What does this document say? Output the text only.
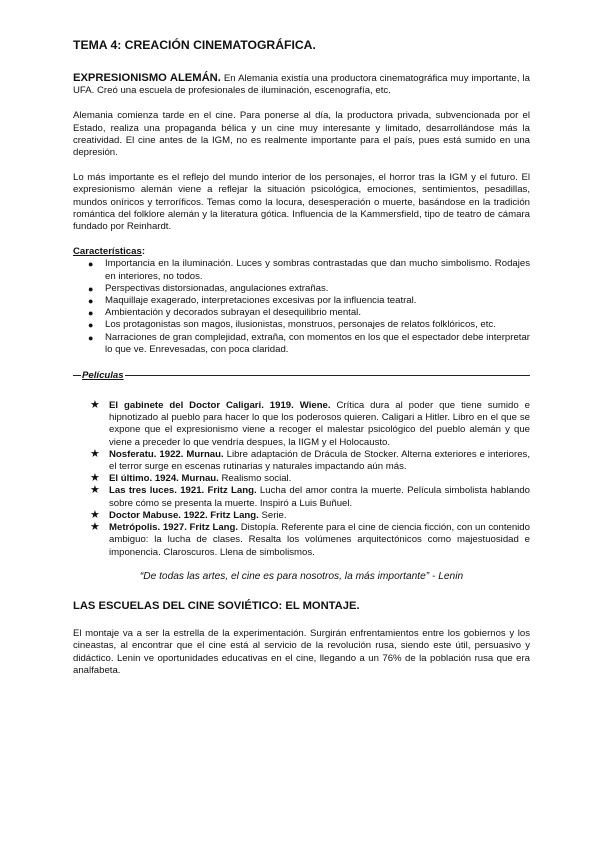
TEMA 4: CREACIÓN CINEMATOGRÁFICA.

EXPRESIONISMO ALEMÁN. En Alemania existía una productora cinematográfica muy importante, la UFA. Creó una escuela de profesionales de iluminación, escenografía, etc.

Alemania comienza tarde en el cine. Para ponerse al día, la productora privada, subvencionada por el Estado, realiza una propaganda bélica y un cine muy interesante y limitado, desarrollándose más la creatividad. El cine antes de la IGM, no es realmente importante para el país, pues está sumido en una depresión.

Lo más importante es el reflejo del mundo interior de los personajes, el horror tras la IGM y el futuro. El expresionismo alemán viene a reflejar la situación psicológica, emociones, sentimientos, pesadillas, mundos oníricos y terroríficos. Temas como la locura, desesperación o muerte, basándose en la tradición romántica del folklore alemán y la literatura gótica. Influencia de la Kammersfield, tipo de teatro de cámara fundado por Reinhardt.

Características:

● Importancia en la iluminación. Luces y sombras contrastadas que dan mucho simbolismo. Rodajes en interiores, no todos.
● Perspectivas distorsionadas, angulaciones extrañas.
● Maquillaje exagerado, interpretaciones excesivas por la influencia teatral.
● Ambientación y decorados subrayan el desequilibrio mental.
● Los protagonistas son magos, ilusionistas, monstruos, personajes de relatos folklóricos, etc.
● Narraciones de gran complejidad, extraña, con momentos en los que el espectador debe interpretar lo que ve. Enrevesadas, con poca claridad.
Películas
★ El gabinete del Doctor Caligari. 1919. Wiene. Crítica dura al poder que tiene sumido e hipnotizado al pueblo para hacer lo que los poderosos quieren. Caligari a Hitler. Libro en el que se expone que el expresionismo viene a recoger el malestar psicológico del pueblo alemán y que viene a preceder lo que vendría despues, la IIGM y el Holocausto.
★ Nosferatu. 1922. Murnau. Libre adaptación de Drácula de Stocker. Alterna exteriores e interiores, el terror surge en escenas rutinarias y naturales impactando aún más.
★ El último. 1924. Murnau. Realismo social.
★ Las tres luces. 1921. Fritz Lang. Lucha del amor contra la muerte. Película simbolista hablando sobre cómo se presenta la muerte. Inspiró a Luis Buñuel.
★ Doctor Mabuse. 1922. Fritz Lang. Serie.
★ Metrópolis. 1927. Fritz Lang. Distopía. Referente para el cine de ciencia ficción, con un contenido ambiguo: la lucha de clases. Resalta los volúmenes arquitectónicos como majestuosidad e imponencia. Claroscuros. Llena de simbolismos.

“De todas las artes, el cine es para nosotros, la más importante” - Lenin

LAS ESCUELAS DEL CINE SOVIÉTICO: EL MONTAJE.

El montaje va a ser la estrella de la experimentación. Surgirán enfrentamientos entre los gobiernos y los cineastas, al encontrar que el cine está al servicio de la revolución rusa, siendo este útil, persuasivo y didáctico. Lenin ve oportunidades educativas en el cine, llegando a un 76% de la población rusa que era analfabeta.
